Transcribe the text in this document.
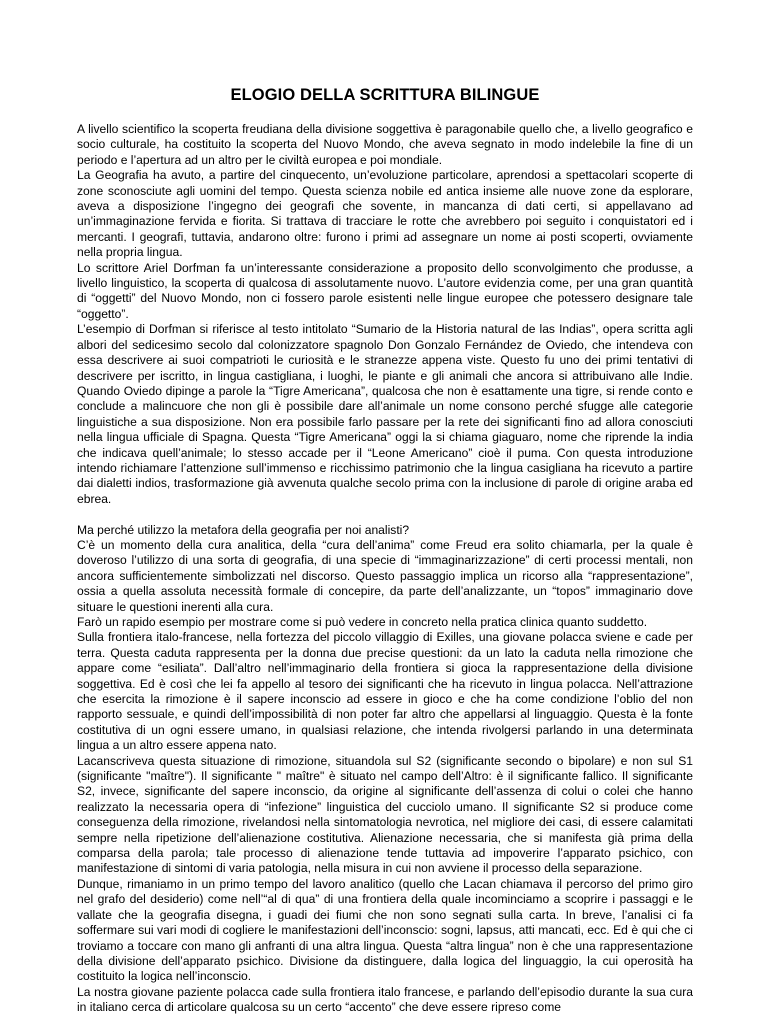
ELOGIO DELLA SCRITTURA BILINGUE

A livello scientifico la scoperta freudiana della divisione soggettiva è paragonabile quello che, a livello geografico e socio culturale, ha costituito la scoperta del Nuovo Mondo, che aveva segnato in modo indelebile la fine di un periodo e l’apertura ad un altro per le civiltà europea e poi mondiale.

La Geografia ha avuto, a partire del cinquecento, un’evoluzione particolare, aprendosi a spettacolari scoperte di zone sconosciute agli uomini del tempo. Questa scienza nobile ed antica insieme alle nuove zone da esplorare, aveva a disposizione l’ingegno dei geografi che sovente, in mancanza di dati certi, si appellavano ad un’immaginazione fervida e fiorita. Si trattava di tracciare le rotte che avrebbero poi seguito i conquistatori ed i mercanti. I geografi, tuttavia, andarono oltre: furono i primi ad assegnare un nome ai posti scoperti, ovviamente nella propria lingua.

Lo scrittore Ariel Dorfman fa un’interessante considerazione a proposito dello sconvolgimento che produsse, a livello linguistico, la scoperta di qualcosa di assolutamente nuovo. L’autore evidenzia come, per una gran quantità di “oggetti” del Nuovo Mondo, non ci fossero parole esistenti nelle lingue europee che potessero designare tale “oggetto”.

L’esempio di Dorfman si riferisce al testo intitolato “Sumario de la Historia natural de las Indias”, opera scritta agli albori del sedicesimo secolo dal colonizzatore spagnolo Don Gonzalo Fernández de Oviedo, che intendeva con essa descrivere ai suoi compatrioti le curiosità e le stranezze appena viste. Questo fu uno dei primi tentativi di descrivere per iscritto, in lingua castigliana, i luoghi, le piante e gli animali che ancora si attribuivano alle Indie. Quando Oviedo dipinge a parole la “Tigre Americana”, qualcosa che non è esattamente una tigre, si rende conto e conclude a malincuore che non gli è possibile dare all’animale un nome consono perché sfugge alle categorie linguistiche a sua disposizione. Non era possibile farlo passare per la rete dei significanti fino ad allora conosciuti nella lingua ufficiale di Spagna. Questa “Tigre Americana” oggi la si chiama giaguaro, nome che riprende la india che indicava quell’animale; lo stesso accade per il “Leone Americano” cioè il puma. Con questa introduzione intendo richiamare l’attenzione sull’immenso e ricchissimo patrimonio che la lingua casigliana ha ricevuto a partire dai dialetti indios, trasformazione già avvenuta qualche secolo prima con la inclusione di parole di origine araba ed ebrea.

Ma perché utilizzo la metafora della geografia per noi analisti?

C’è un momento della cura analitica, della “cura dell’anima” come Freud era solito chiamarla, per la quale è doveroso l’utilizzo di una sorta di geografia, di una specie di “immaginarizzazione” di certi processi mentali, non ancora sufficientemente simbolizzati nel discorso. Questo passaggio implica un ricorso alla “rappresentazione”, ossia a quella assoluta necessità formale di concepire, da parte dell’analizzante, un “topos” immaginario dove situare le questioni inerenti alla cura.

Farò un rapido esempio per mostrare come si può vedere in concreto nella pratica clinica quanto suddetto.

Sulla frontiera italo-francese, nella fortezza del piccolo villaggio di Exilles, una giovane polacca sviene e cade per terra. Questa caduta rappresenta per la donna due precise questioni: da un lato la caduta nella rimozione che appare come “esiliata”. Dall’altro nell’immaginario della frontiera si gioca la rappresentazione della divisione soggettiva. Ed è così che lei fa appello al tesoro dei significanti che ha ricevuto in lingua polacca. Nell’attrazione che esercita la rimozione è il sapere inconscio ad essere in gioco e che ha come condizione l’oblio del non rapporto sessuale, e quindi dell’impossibilità di non poter far altro che appellarsi al linguaggio. Questa è la fonte costitutiva di un ogni essere umano, in qualsiasi relazione, che intenda rivolgersi parlando in una determinata lingua a un altro essere appena nato.

Lacanscriveva questa situazione di rimozione, situandola sul S2 (significante secondo o bipolare) e non sul S1 (significante "maître"). Il significante " maître" è situato nel campo dell’Altro: è il significante fallico. Il significante S2, invece, significante del sapere inconscio, da origine al significante dell’assenza di colui o colei che hanno realizzato la necessaria opera di “infezione” linguistica del cucciolo umano. Il significante S2 si produce come conseguenza della rimozione, rivelandosi nella sintomatologia nevrotica, nel migliore dei casi, di essere calamitati sempre nella ripetizione dell’alienazione costitutiva. Alienazione necessaria, che si manifesta già prima della comparsa della parola; tale processo di alienazione tende tuttavia ad impoverire l’apparato psichico, con manifestazione di sintomi di varia patologia, nella misura in cui non avviene il processo della separazione.

Dunque, rimaniamo in un primo tempo del lavoro analitico (quello che Lacan chiamava il percorso del primo giro nel grafo del desiderio) come nell’“al di qua” di una frontiera della quale incominciamo a scoprire i passaggi e le vallate che la geografia disegna, i guadi dei fiumi che non sono segnati sulla carta. In breve, l’analisi ci fa soffermare sui vari modi di cogliere le manifestazioni dell’inconscio: sogni, lapsus, atti mancati, ecc. Ed è qui che ci troviamo a toccare con mano gli anfranti di una altra lingua. Questa “altra lingua” non è che una rappresentazione della divisione dell’apparato psichico. Divisione da distinguere, dalla logica del linguaggio, la cui operosità ha costituito la logica nell’inconscio.

La nostra giovane paziente polacca cade sulla frontiera italo francese, e parlando dell’episodio durante la sua cura in italiano cerca di articolare qualcosa su un certo “accento” che deve essere ripreso come
